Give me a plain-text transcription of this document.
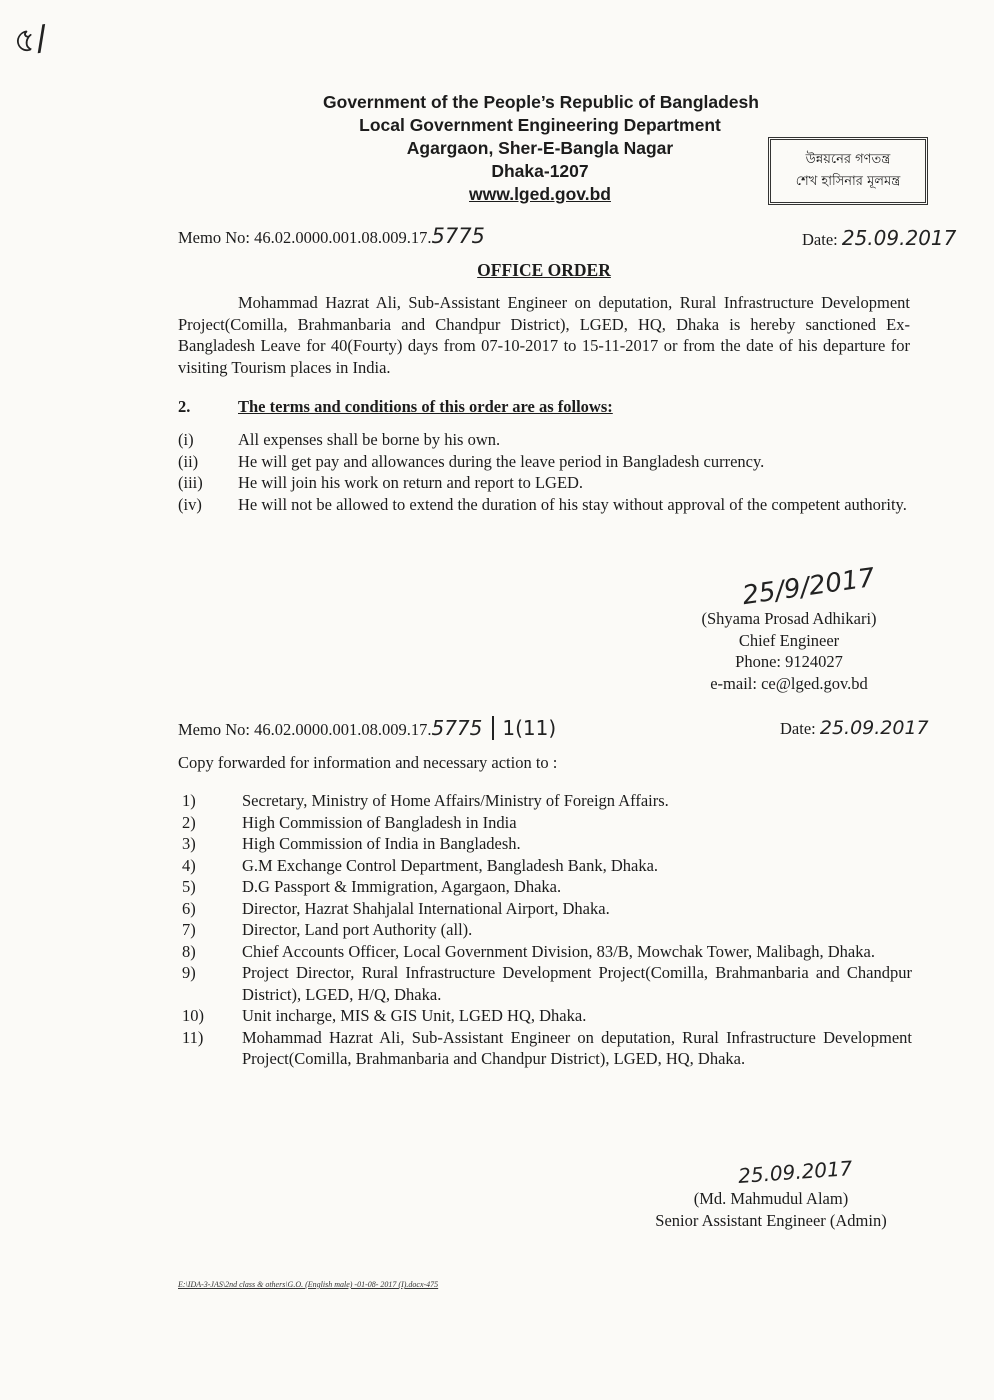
৫/
Government of the People’s Republic of Bangladesh
Local Government Engineering Department
Agargaon, Sher-E-Bangla Nagar
Dhaka-1207
www.lged.gov.bd
উন্নয়নের গণতন্ত্র
শেখ হাসিনার মূলমন্ত্র
Memo No: 46.02.0000.001.08.009.17.5775	Date: 25.09.2017
OFFICE ORDER
Mohammad Hazrat Ali, Sub-Assistant Engineer on deputation, Rural Infrastructure Development Project(Comilla, Brahmanbaria and Chandpur District), LGED, HQ, Dhaka is hereby sanctioned Ex-Bangladesh Leave for 40(Fourty) days from 07-10-2017 to 15-11-2017 or from the date of his departure for visiting Tourism places in India.
2.	The terms and conditions of this order are as follows:
(i)	All expenses shall be borne by his own.
(ii)	He will get pay and allowances during the leave period in Bangladesh currency.
(iii)	He will join his work on return and report to LGED.
(iv)	He will not be allowed to extend the duration of his stay without approval of the competent authority.
25/9/2017
(Shyama Prosad Adhikari)
Chief Engineer
Phone: 9124027
e-mail: ce@lged.gov.bd
Memo No: 46.02.0000.001.08.009.17.5775 1(11)	Date: 25.09.2017
Copy forwarded for information and necessary action to :
1)	Secretary, Ministry of Home Affairs/Ministry of Foreign Affairs.
2)	High Commission of Bangladesh in India
3)	High Commission of India in Bangladesh.
4)	G.M Exchange Control Department, Bangladesh Bank, Dhaka.
5)	D.G Passport & Immigration, Agargaon, Dhaka.
6)	Director, Hazrat Shahjalal International Airport, Dhaka.
7)	Director, Land port Authority (all).
8)	Chief Accounts Officer, Local Government Division, 83/B, Mowchak Tower, Malibagh, Dhaka.
9)	Project Director, Rural Infrastructure Development Project(Comilla, Brahmanbaria and Chandpur District), LGED, H/Q, Dhaka.
10)	Unit incharge, MIS & GIS Unit, LGED HQ, Dhaka.
11)	Mohammad Hazrat Ali, Sub-Assistant Engineer on deputation, Rural Infrastructure Development Project(Comilla, Brahmanbaria and Chandpur District), LGED, HQ, Dhaka.
25.09.2017
(Md. Mahmudul Alam)
Senior Assistant Engineer (Admin)
E:\IDA-3-JAS\2nd class & others\G.O. (English male) -01-08- 2017 (I).docx-475
